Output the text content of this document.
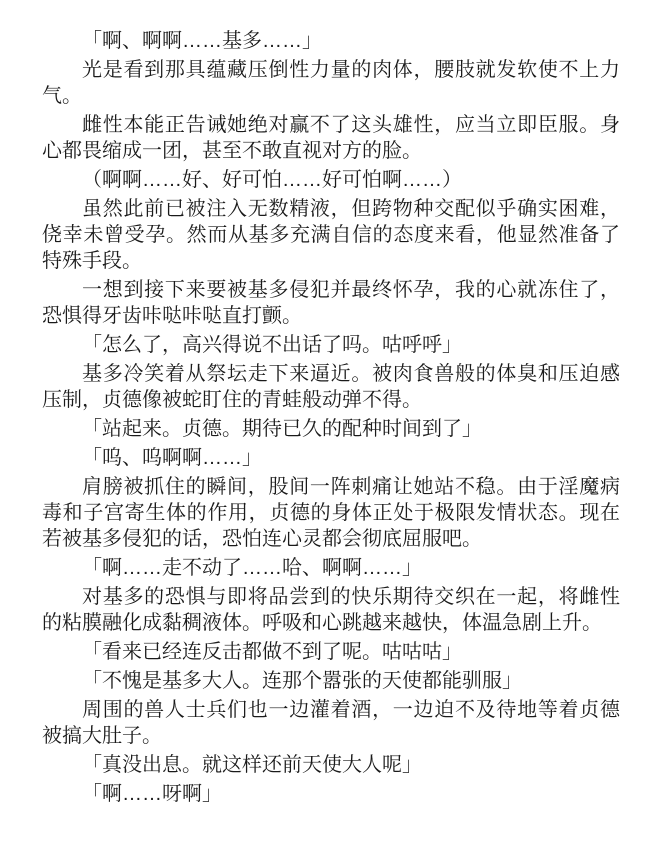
「啊、啊啊……基多……」

光是看到那具蕴藏压倒性力量的肉体，腰肢就发软使不上力气。

雌性本能正告诫她绝对赢不了这头雄性，应当立即臣服。身心都畏缩成一团，甚至不敢直视对方的脸。

（啊啊……好、好可怕……好可怕啊……）

虽然此前已被注入无数精液，但跨物种交配似乎确实困难，侥幸未曾受孕。然而从基多充满自信的态度来看，他显然准备了特殊手段。

一想到接下来要被基多侵犯并最终怀孕，我的心就冻住了，恐惧得牙齿咔哒咔哒直打颤。

「怎么了，高兴得说不出话了吗。咕呼呼」

基多冷笑着从祭坛走下来逼近。被肉食兽般的体臭和压迫感压制，贞德像被蛇盯住的青蛙般动弹不得。

「站起来。贞德。期待已久的配种时间到了」

「呜、呜啊啊……」

肩膀被抓住的瞬间，股间一阵刺痛让她站不稳。由于淫魔病毒和子宫寄生体的作用，贞德的身体正处于极限发情状态。现在若被基多侵犯的话，恐怕连心灵都会彻底屈服吧。

「啊……走不动了……哈、啊啊……」

对基多的恐惧与即将品尝到的快乐期待交织在一起，将雌性的粘膜融化成黏稠液体。呼吸和心跳越来越快，体温急剧上升。

「看来已经连反击都做不到了呢。咕咕咕」

「不愧是基多大人。连那个嚣张的天使都能驯服」

周围的兽人士兵们也一边灌着酒，一边迫不及待地等着贞德被搞大肚子。

「真没出息。就这样还前天使大人呢」

「啊……呀啊」
